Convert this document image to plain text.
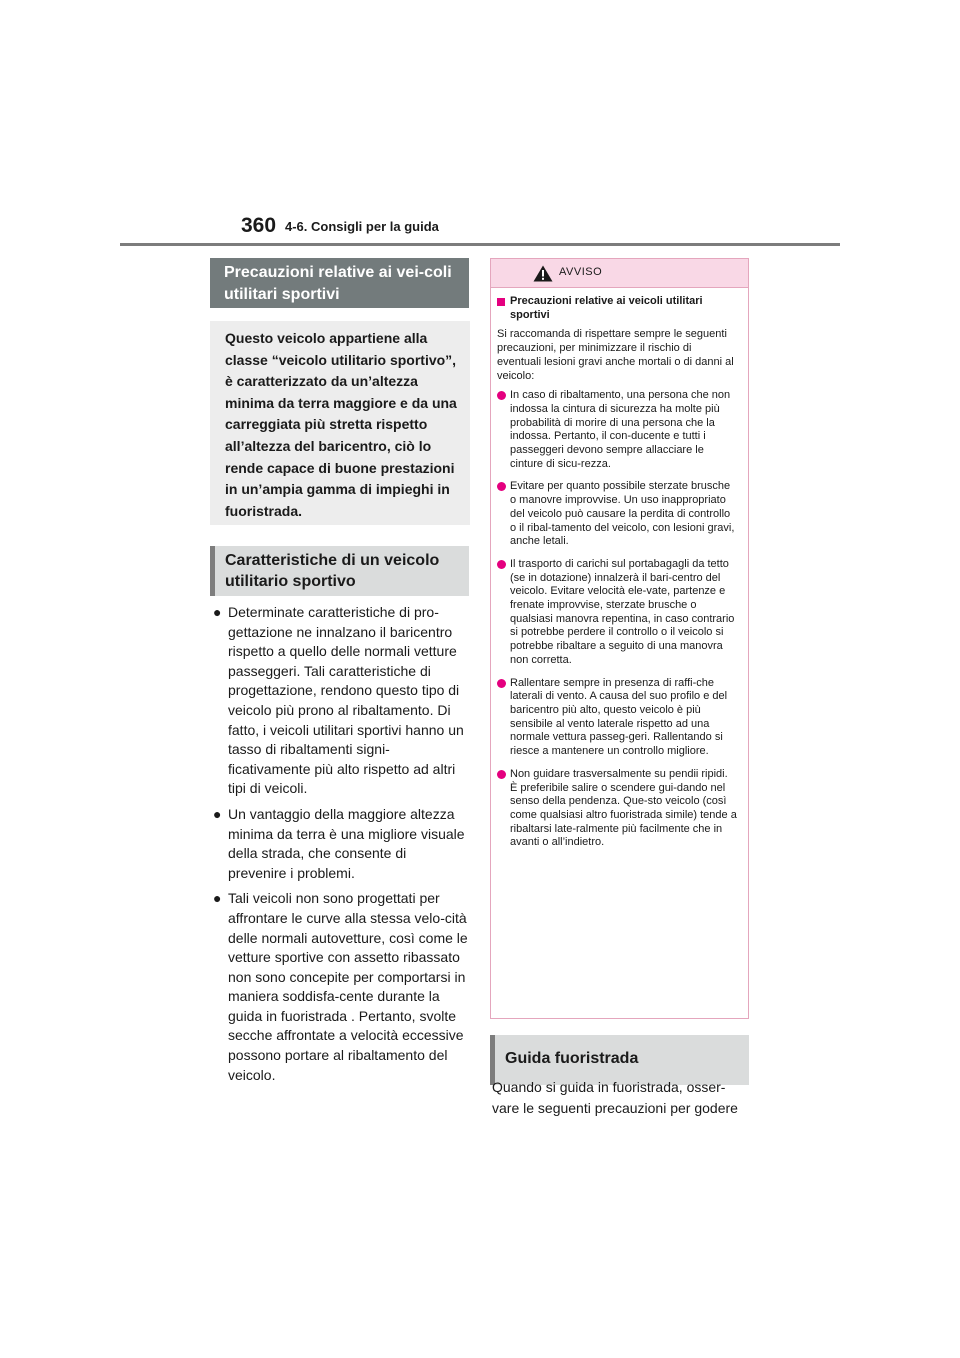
360 4-6. Consigli per la guida
Precauzioni relative ai vei-coli utilitari sportivi

Questo veicolo appartiene alla

classe “veicolo utilitario sportivo”,

è caratterizzato da un’altezza

minima da terra maggiore e da una

carreggiata più stretta rispetto

all’altezza del baricentro, ciò lo

rende capace di buone prestazioni

in un’ampia gamma di impieghi in

fuoristrada.

Caratteristiche di un veicolo utilitario sportivo
● Determinate caratteristiche di pro-gettazione ne innalzano il baricentro rispetto a quello delle normali vetture passeggeri. Tali caratteristiche di progettazione, rendono questo tipo di veicolo più prono al ribaltamento. Di fatto, i veicoli utilitari sportivi hanno un tasso di ribaltamenti signi-ficativamente più alto rispetto ad altri tipi di veicoli.
● Un vantaggio della maggiore altezza minima da terra è una migliore visuale della strada, che consente di prevenire i problemi.
● Tali veicoli non sono progettati per affrontare le curve alla stessa velo-cità delle normali autovetture, così come le vetture sportive con assetto ribassato non sono concepite per comportarsi in maniera soddisfa-cente durante la guida in fuoristrada . Pertanto, svolte secche affrontate a velocità eccessive possono portare al ribaltamento del veicolo.
AVVISO
Precauzioni relative ai veicoli utilitari sportivi
Si raccomanda di rispettare sempre le seguenti precauzioni, per minimizzare il rischio di eventuali lesioni gravi anche mortali o di danni al veicolo:
In caso di ribaltamento, una persona che non indossa la cintura di sicurezza ha molte più probabilità di morire di una persona che la indossa. Pertanto, il con-ducente e tutti i passeggeri devono sempre allacciare le cinture di sicu-rezza.
Evitare per quanto possibile sterzate brusche o manovre improvvise. Un uso inappropriato del veicolo può causare la perdita di controllo o il ribal-tamento del veicolo, con lesioni gravi, anche letali.
Il trasporto di carichi sul portabagagli da tetto (se in dotazione) innalzerà il bari-centro del veicolo. Evitare velocità ele-vate, partenze e frenate improvvise, sterzate brusche o qualsiasi manovra repentina, in caso contrario si potrebbe perdere il controllo o il veicolo si potrebbe ribaltare a seguito di una manovra non corretta.
Rallentare sempre in presenza di raffi-che laterali di vento. A causa del suo profilo e del baricentro più alto, questo veicolo è più sensibile al vento laterale rispetto ad una normale vettura passeg-geri. Rallentando si riesce a mantenere un controllo migliore.
Non guidare trasversalmente su pendii ripidi. È preferibile salire o scendere gui-dando nel senso della pendenza. Que-sto veicolo (così come qualsiasi altro fuoristrada simile) tende a ribaltarsi late-ralmente più facilmente che in avanti o all’indietro.
Guida fuoristrada

Quando si guida in fuoristrada, osser-

vare le seguenti precauzioni per godere
